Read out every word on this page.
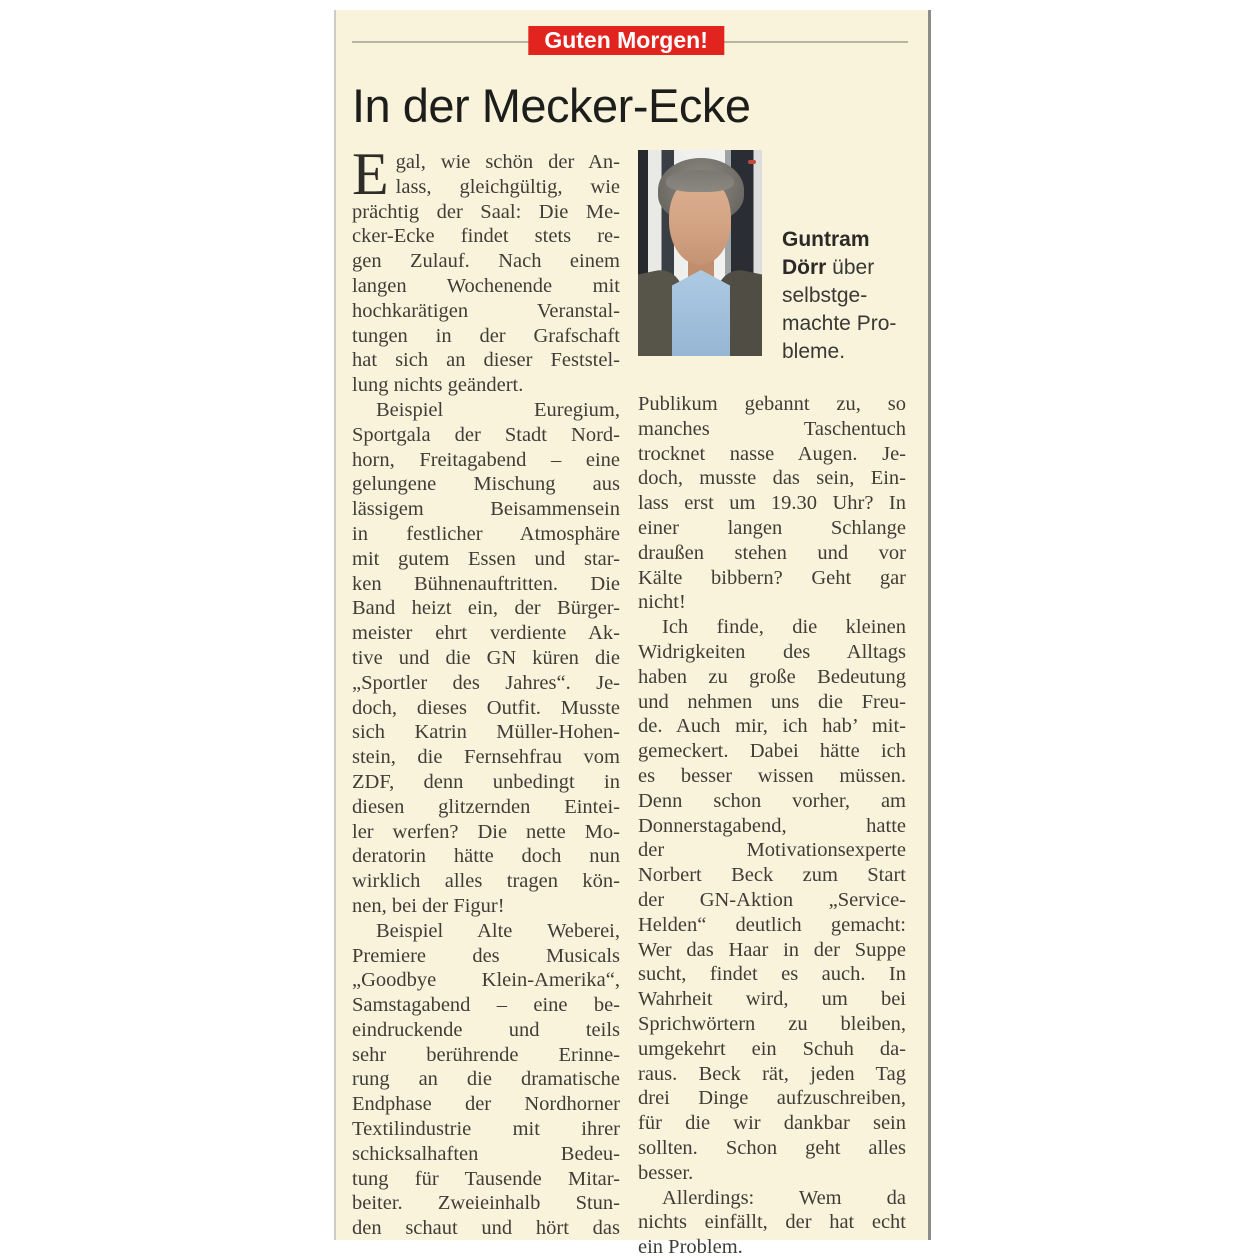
Guten Morgen!
In der Mecker-Ecke
E gal, wie schön der An-
lass, gleichgültig, wie
prächtig der Saal: Die Me-
cker-Ecke findet stets re-
gen Zulauf. Nach einem
langen Wochenende mit
hochkarätigen Veranstal-
tungen in der Grafschaft
hat sich an dieser Feststel-
lung nichts geändert.
Beispiel Euregium,
Sportgala der Stadt Nord-
horn, Freitagabend – eine
gelungene Mischung aus
lässigem Beisammensein
in festlicher Atmosphäre
mit gutem Essen und star-
ken Bühnenauftritten. Die
Band heizt ein, der Bürger-
meister ehrt verdiente Ak-
tive und die GN küren die
„Sportler des Jahres“. Je-
doch, dieses Outfit. Musste
sich Katrin Müller-Hohen-
stein, die Fernsehfrau vom
ZDF, denn unbedingt in
diesen glitzernden Eintei-
ler werfen? Die nette Mo-
deratorin hätte doch nun
wirklich alles tragen kön-
nen, bei der Figur!
Beispiel Alte Weberei,
Premiere des Musicals
„Goodbye Klein-Amerika“,
Samstagabend – eine be-
eindruckende und teils
sehr berührende Erinne-
rung an die dramatische
Endphase der Nordhorner
Textilindustrie mit ihrer
schicksalhaften Bedeu-
tung für Tausende Mitar-
beiter. Zweieinhalb Stun-
den schaut und hört das
Guntram Dörr über selbstgemachte Probleme.
Publikum gebannt zu, so
manches Taschentuch
trocknet nasse Augen. Je-
doch, musste das sein, Ein-
lass erst um 19.30 Uhr? In
einer langen Schlange
draußen stehen und vor
Kälte bibbern? Geht gar
nicht!
Ich finde, die kleinen
Widrigkeiten des Alltags
haben zu große Bedeutung
und nehmen uns die Freu-
de. Auch mir, ich hab’ mit-
gemeckert. Dabei hätte ich
es besser wissen müssen.
Denn schon vorher, am
Donnerstagabend, hatte
der Motivationsexperte
Norbert Beck zum Start
der GN-Aktion „Service-
Helden“ deutlich gemacht:
Wer das Haar in der Suppe
sucht, findet es auch. In
Wahrheit wird, um bei
Sprichwörtern zu bleiben,
umgekehrt ein Schuh da-
raus. Beck rät, jeden Tag
drei Dinge aufzuschreiben,
für die wir dankbar sein
sollten. Schon geht alles
besser.
Allerdings: Wem da
nichts einfällt, der hat echt
ein Problem.
